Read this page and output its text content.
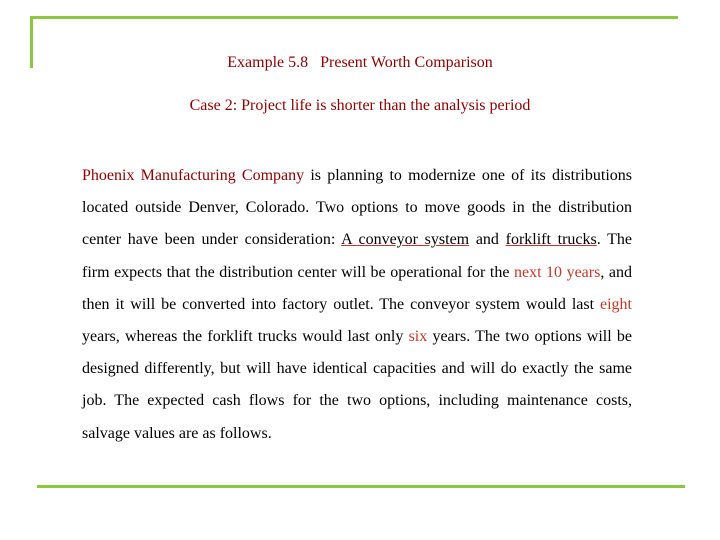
Example 5.8   Present Worth Comparison
Case 2: Project life is shorter than the analysis period

Phoenix Manufacturing Company is planning to modernize one of its distributions located outside Denver, Colorado. Two options to move goods in the distribution center have been under consideration: A conveyor system and forklift trucks. The firm expects that the distribution center will be operational for the next 10 years, and then it will be converted into factory outlet. The conveyor system would last eight years, whereas the forklift trucks would last only six years. The two options will be designed differently, but will have identical capacities and will do exactly the same job. The expected cash flows for the two options, including maintenance costs, salvage values are as follows.
